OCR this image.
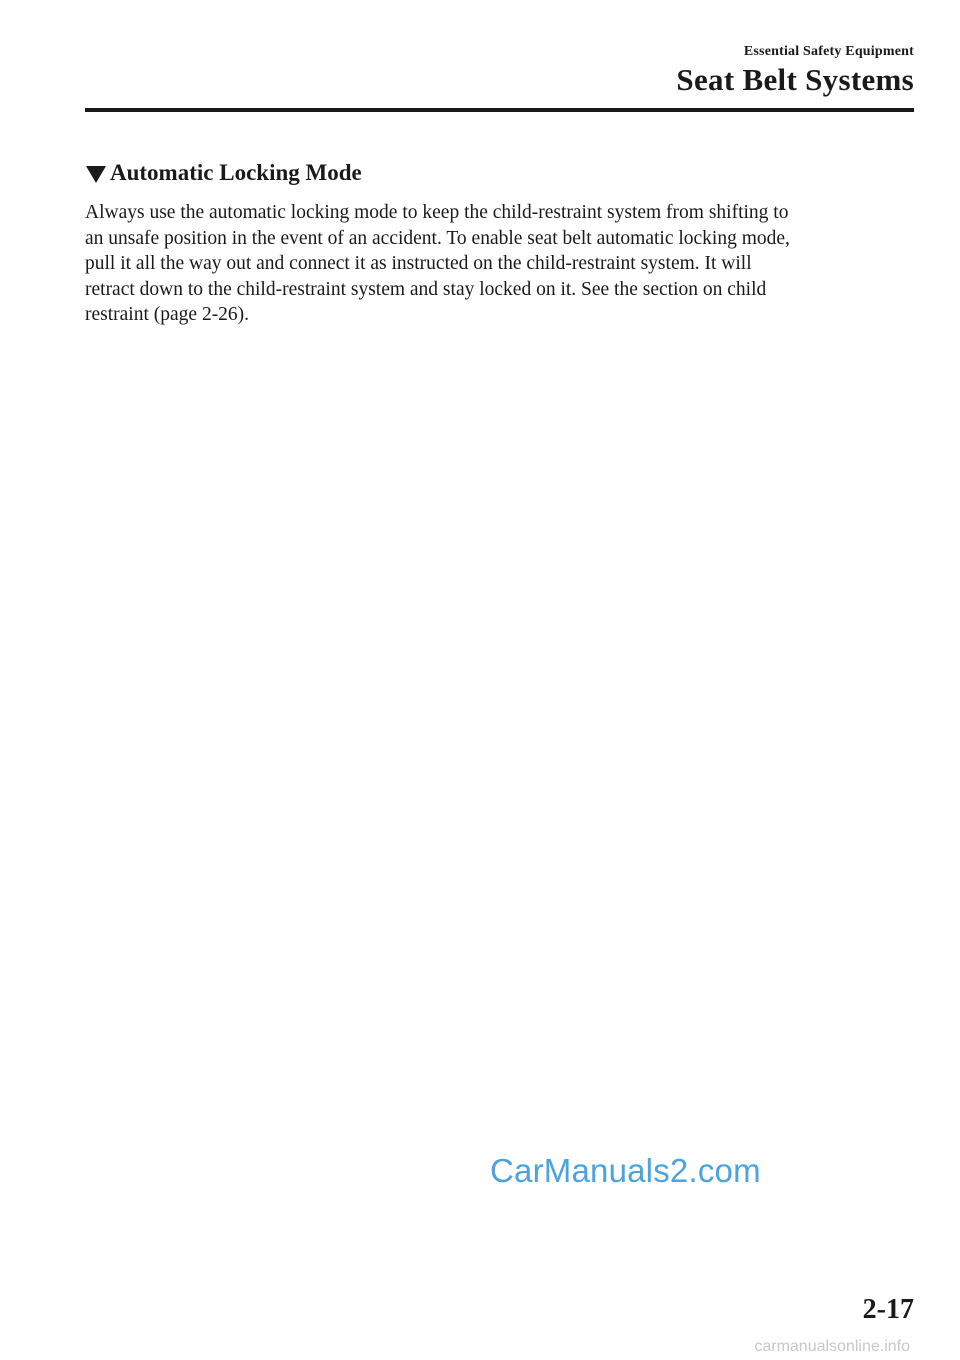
Essential Safety Equipment
Seat Belt Systems
Automatic Locking Mode
Always use the automatic locking mode to keep the child-restraint system from shifting to
an unsafe position in the event of an accident. To enable seat belt automatic locking mode,
pull it all the way out and connect it as instructed on the child-restraint system. It will
retract down to the child-restraint system and stay locked on it. See the section on child
restraint (page 2-26).
CarManuals2.com
2-17
carmanualsonline.info
